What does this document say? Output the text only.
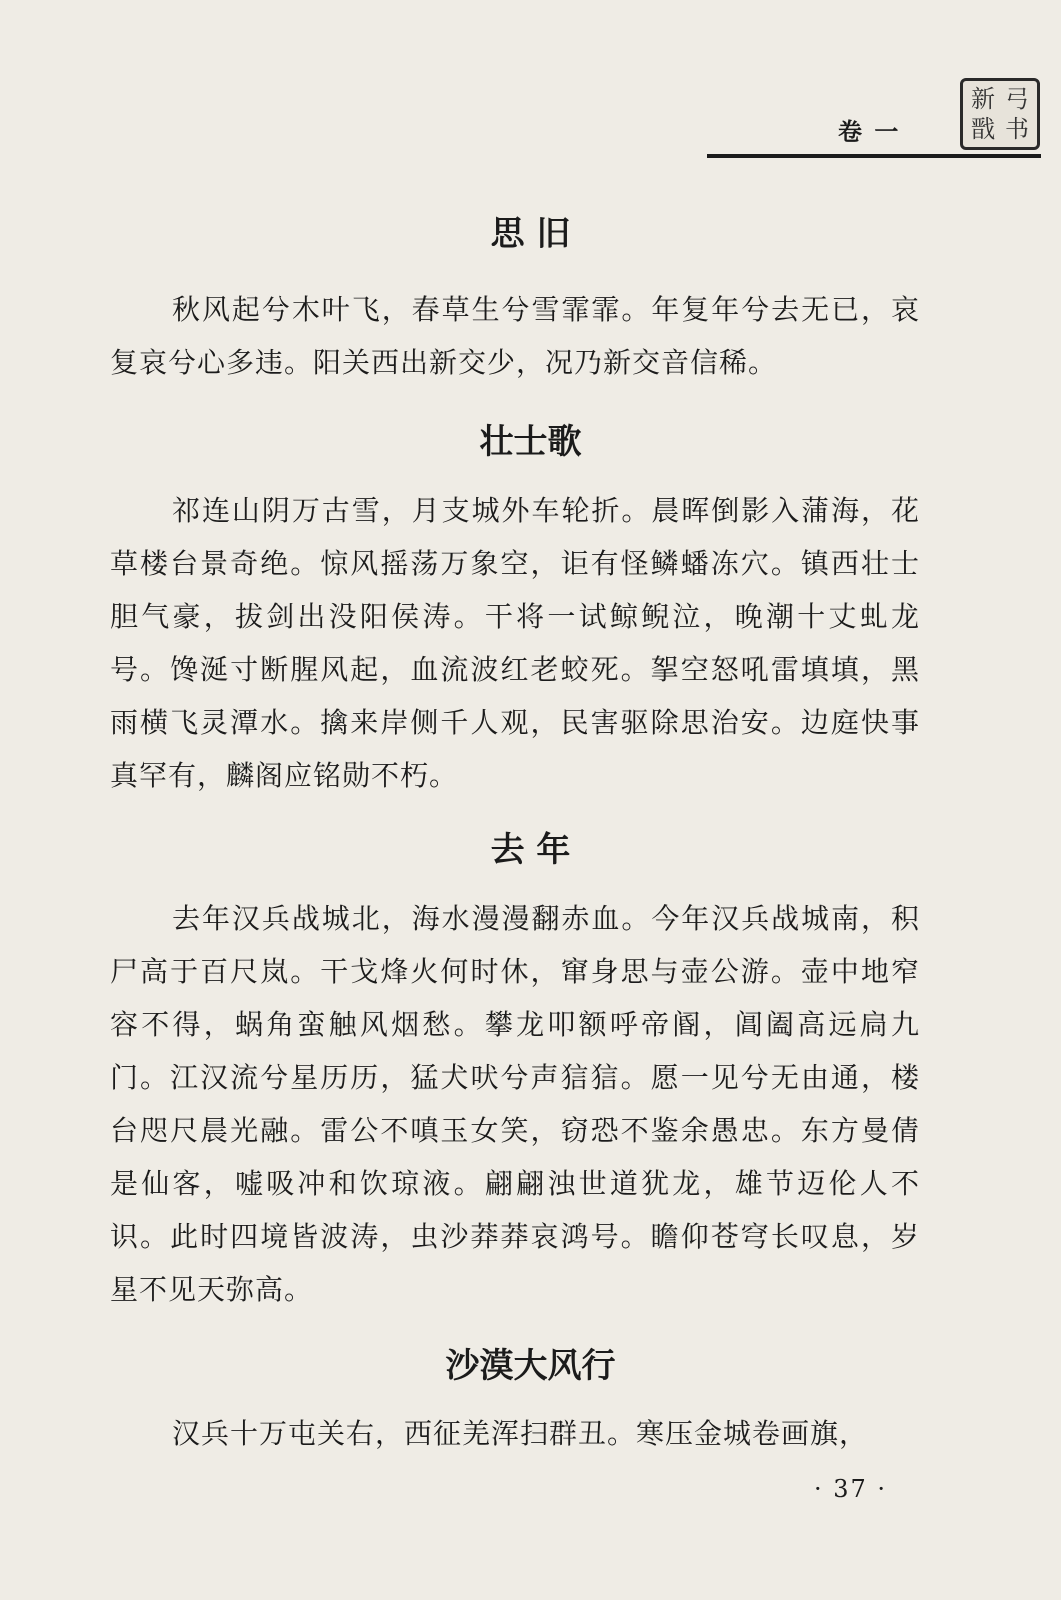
卷 一
新 弓
戬 书
思 旧

秋风起兮木叶飞，春草生兮雪霏霏。年复年兮去无已，哀复哀兮心多违。阳关西出新交少，况乃新交音信稀。

壮士歌

祁连山阴万古雪，月支城外车轮折。晨晖倒影入蒲海，花草楼台景奇绝。惊风摇荡万象空，讵有怪鳞蟠冻穴。镇西壮士胆气豪，拔剑出没阳侯涛。干将一试鲸鲵泣，晚潮十丈虬龙号。馋涎寸断腥风起，血流波红老蛟死。挐空怒吼雷填填，黑雨横飞灵潭水。擒来岸侧千人观，民害驱除思治安。边庭快事真罕有，麟阁应铭勋不朽。

去 年

去年汉兵战城北，海水漫漫翻赤血。今年汉兵战城南，积尸高于百尺岚。干戈烽火何时休，窜身思与壶公游。壶中地窄容不得，蜗角蛮触风烟愁。攀龙叩额呼帝阍，阊阖高远扃九门。江汉流兮星历历，猛犬吠兮声狺狺。愿一见兮无由通，楼台咫尺晨光融。雷公不嗔玉女笑，窃恐不鉴余愚忠。东方曼倩是仙客，嘘吸冲和饮琼液。翩翩浊世道犹龙，雄节迈伦人不识。此时四境皆波涛，虫沙莽莽哀鸿号。瞻仰苍穹长叹息，岁星不见天弥高。

沙漠大风行

汉兵十万屯关右，西征羌浑扫群丑。寒压金城卷画旗，

· 37 ·
